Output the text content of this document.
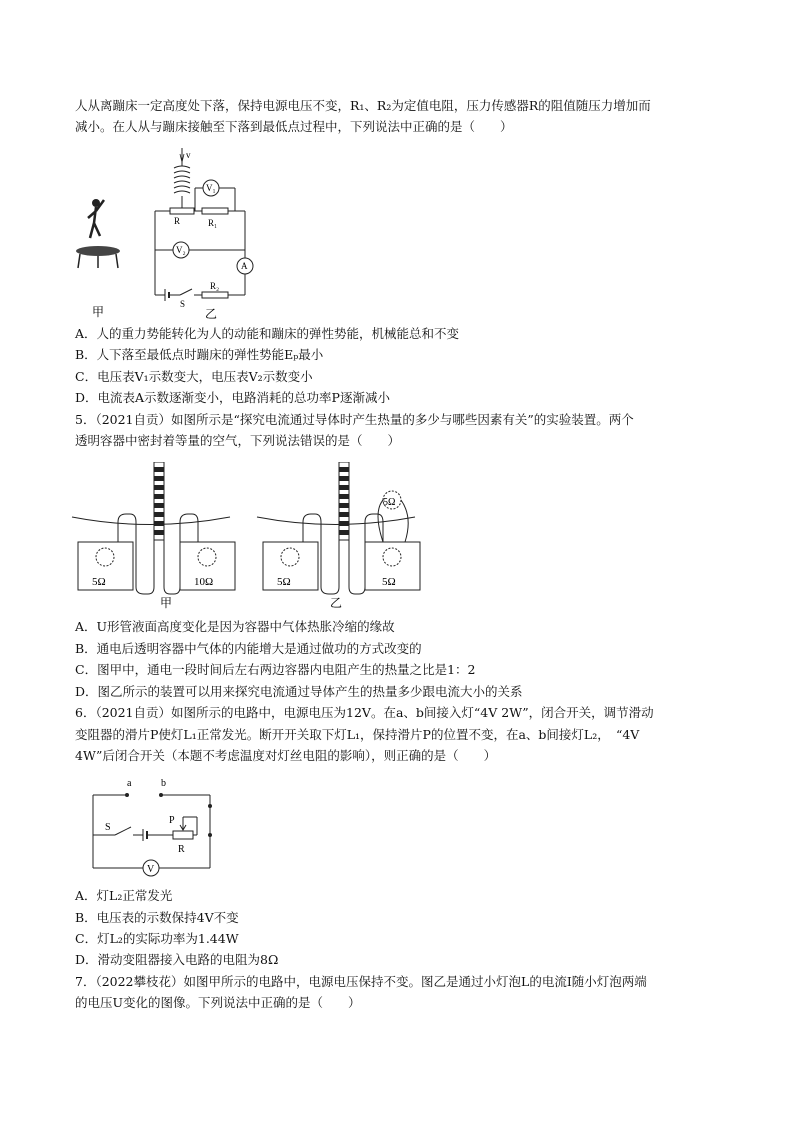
人从离蹦床一定高度处下落，保持电源电压不变，R₁、R₂为定值电阻，压力传感器R的阻值随压力增加而
减小。在人从与蹦床接触至下落到最低点过程中，下列说法中正确的是（　　）
甲
v
V₁
V₂
A
R	R₁
R₂
S
乙
A．人的重力势能转化为人的动能和蹦床的弹性势能，机械能总和不变
B．人下落至最低点时蹦床的弹性势能Eₚ最小
C．电压表V₁示数变大，电压表V₂示数变小
D．电流表A示数逐渐变小，电路消耗的总功率P逐渐减小
5．（2021自贡）如图所示是“探究电流通过导体时产生热量的多少与哪些因素有关”的实验装置。两个
透明容器中密封着等量的空气，下列说法错误的是（　　）
5Ω	10Ω
甲
5Ω	5Ω
5Ω
乙
A．U形管液面高度变化是因为容器中气体热胀冷缩的缘故
B．通电后透明容器中气体的内能增大是通过做功的方式改变的
C．图甲中，通电一段时间后左右两边容器内电阻产生的热量之比是1：2
D．图乙所示的装置可以用来探究电流通过导体产生的热量多少跟电流大小的关系
6．（2021自贡）如图所示的电路中，电源电压为12V。在a、b间接入灯“4V 2W”，闭合开关，调节滑动
变阻器的滑片P使灯L₁正常发光。断开开关取下灯L₁，保持滑片P的位置不变，在a、b间接灯L₂，　“4V
4W”后闭合开关（本题不考虑温度对灯丝电阻的影响），则正确的是（　　）
a	b
S
P
R
V
A．灯L₂正常发光
B．电压表的示数保持4V不变
C．灯L₂的实际功率为1.44W
D．滑动变阻器接入电路的电阻为8Ω
7．（2022攀枝花）如图甲所示的电路中，电源电压保持不变。图乙是通过小灯泡L的电流I随小灯泡两端
的电压U变化的图像。下列说法中正确的是（　　）
